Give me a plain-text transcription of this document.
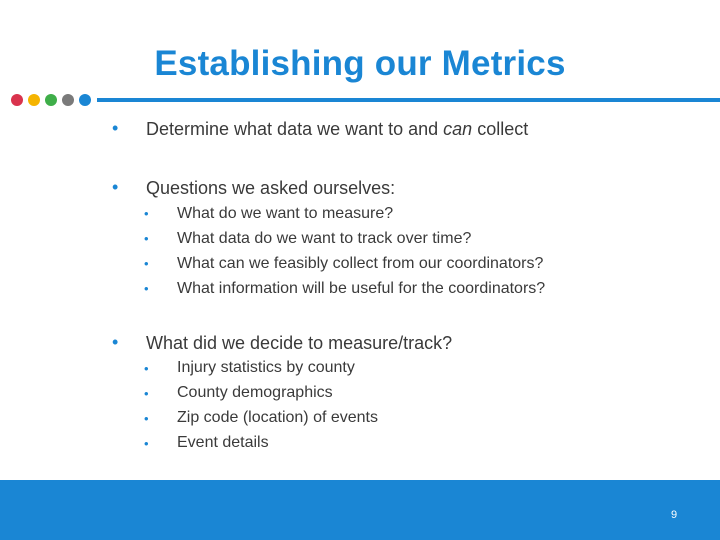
Establishing our Metrics
• Determine what data we want to and can collect
• Questions we asked ourselves:
• What do we want to measure?
• What data do we want to track over time?
• What can we feasibly collect from our coordinators?
• What information will be useful for the coordinators?
• What did we decide to measure/track?
• Injury statistics by county
• County demographics
• Zip code (location) of events
• Event details
9
